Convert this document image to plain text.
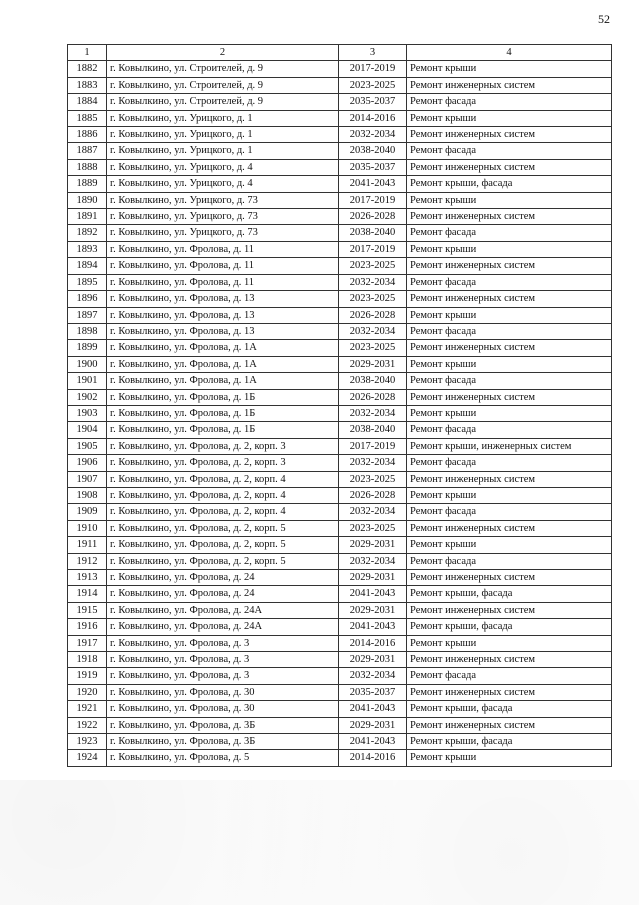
52
1	2	3	4
1882	г. Ковылкино, ул. Строителей, д. 9	2017-2019	Ремонт крыши
1883	г. Ковылкино, ул. Строителей, д. 9	2023-2025	Ремонт инженерных систем
1884	г. Ковылкино, ул. Строителей, д. 9	2035-2037	Ремонт фасада
1885	г. Ковылкино, ул. Урицкого, д. 1	2014-2016	Ремонт крыши
1886	г. Ковылкино, ул. Урицкого, д. 1	2032-2034	Ремонт инженерных систем
1887	г. Ковылкино, ул. Урицкого, д. 1	2038-2040	Ремонт фасада
1888	г. Ковылкино, ул. Урицкого, д. 4	2035-2037	Ремонт инженерных систем
1889	г. Ковылкино, ул. Урицкого, д. 4	2041-2043	Ремонт крыши, фасада
1890	г. Ковылкино, ул. Урицкого, д. 73	2017-2019	Ремонт крыши
1891	г. Ковылкино, ул. Урицкого, д. 73	2026-2028	Ремонт инженерных систем
1892	г. Ковылкино, ул. Урицкого, д. 73	2038-2040	Ремонт фасада
1893	г. Ковылкино, ул. Фролова, д. 11	2017-2019	Ремонт крыши
1894	г. Ковылкино, ул. Фролова, д. 11	2023-2025	Ремонт инженерных систем
1895	г. Ковылкино, ул. Фролова, д. 11	2032-2034	Ремонт фасада
1896	г. Ковылкино, ул. Фролова, д. 13	2023-2025	Ремонт инженерных систем
1897	г. Ковылкино, ул. Фролова, д. 13	2026-2028	Ремонт крыши
1898	г. Ковылкино, ул. Фролова, д. 13	2032-2034	Ремонт фасада
1899	г. Ковылкино, ул. Фролова, д. 1А	2023-2025	Ремонт инженерных систем
1900	г. Ковылкино, ул. Фролова, д. 1А	2029-2031	Ремонт крыши
1901	г. Ковылкино, ул. Фролова, д. 1А	2038-2040	Ремонт фасада
1902	г. Ковылкино, ул. Фролова, д. 1Б	2026-2028	Ремонт инженерных систем
1903	г. Ковылкино, ул. Фролова, д. 1Б	2032-2034	Ремонт крыши
1904	г. Ковылкино, ул. Фролова, д. 1Б	2038-2040	Ремонт фасада
1905	г. Ковылкино, ул. Фролова, д. 2, корп. 3	2017-2019	Ремонт крыши, инженерных систем
1906	г. Ковылкино, ул. Фролова, д. 2, корп. 3	2032-2034	Ремонт фасада
1907	г. Ковылкино, ул. Фролова, д. 2, корп. 4	2023-2025	Ремонт инженерных систем
1908	г. Ковылкино, ул. Фролова, д. 2, корп. 4	2026-2028	Ремонт крыши
1909	г. Ковылкино, ул. Фролова, д. 2, корп. 4	2032-2034	Ремонт фасада
1910	г. Ковылкино, ул. Фролова, д. 2, корп. 5	2023-2025	Ремонт инженерных систем
1911	г. Ковылкино, ул. Фролова, д. 2, корп. 5	2029-2031	Ремонт крыши
1912	г. Ковылкино, ул. Фролова, д. 2, корп. 5	2032-2034	Ремонт фасада
1913	г. Ковылкино, ул. Фролова, д. 24	2029-2031	Ремонт инженерных систем
1914	г. Ковылкино, ул. Фролова, д. 24	2041-2043	Ремонт крыши, фасада
1915	г. Ковылкино, ул. Фролова, д. 24А	2029-2031	Ремонт инженерных систем
1916	г. Ковылкино, ул. Фролова, д. 24А	2041-2043	Ремонт крыши, фасада
1917	г. Ковылкино, ул. Фролова, д. 3	2014-2016	Ремонт крыши
1918	г. Ковылкино, ул. Фролова, д. 3	2029-2031	Ремонт инженерных систем
1919	г. Ковылкино, ул. Фролова, д. 3	2032-2034	Ремонт фасада
1920	г. Ковылкино, ул. Фролова, д. 30	2035-2037	Ремонт инженерных систем
1921	г. Ковылкино, ул. Фролова, д. 30	2041-2043	Ремонт крыши, фасада
1922	г. Ковылкино, ул. Фролова, д. 3Б	2029-2031	Ремонт инженерных систем
1923	г. Ковылкино, ул. Фролова, д. 3Б	2041-2043	Ремонт крыши, фасада
1924	г. Ковылкино, ул. Фролова, д. 5	2014-2016	Ремонт крыши
